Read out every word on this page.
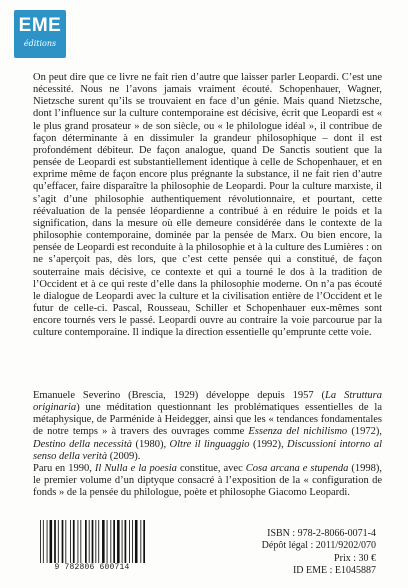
EME
éditions

On peut dire que ce livre ne fait rien d’autre que laisser parler Leopardi. C’est une nécessité. Nous ne l’avons jamais vraiment écouté. Schopenhauer, Wagner, Nietzsche surent qu’ils se trouvaient en face d’un génie. Mais quand Nietzsche, dont l’influence sur la culture contemporaine est décisive, écrit que Leopardi est « le plus grand prosateur » de son siècle, ou « le philologue idéal », il contribue de façon déterminante à en dissimuler la grandeur philosophique – dont il est profondément débiteur. De façon analogue, quand De Sanctis soutient que la pensée de Leopardi est substantiellement identique à celle de Schopenhauer, et en exprime même de façon encore plus prégnante la substance, il ne fait rien d’autre qu’effacer, faire disparaître la philosophie de Leopardi. Pour la culture marxiste, il s’agit d’une philosophie authentiquement révolutionnaire, et pourtant, cette réévaluation de la pensée léopardienne a contribué à en réduire le poids et la signification, dans la mesure où elle demeure considérée dans le contexte de la philosophie contemporaine, dominée par la pensée de Marx. Ou bien encore, la pensée de Leopardi est reconduite à la philosophie et à la culture des Lumières : on ne s’aperçoit pas, dès lors, que c’est cette pensée qui a constitué, de façon souterraine mais décisive, ce contexte et qui a tourné le dos à la tradition de l’Occident et à ce qui reste d’elle dans la philosophie moderne. On n’a pas écouté le dialogue de Leopardi avec la culture et la civilisation entière de l’Occident et le futur de celle-ci. Pascal, Rousseau, Schiller et Schopenhauer eux-mêmes sont encore tournés vers le passé. Leopardi ouvre au contraire la voie parcourue par la culture contemporaine. Il indique la direction essentielle qu’emprunte cette voie.

Emanuele Severino (Brescia, 1929) développe depuis 1957 (La Struttura originaria) une méditation questionnant les problématiques essentielles de la métaphysique, de Parménide à Heidegger, ainsi que les « tendances fondamentales de notre temps » à travers des ouvrages comme Essenza del nichilismo (1972), Destino della necessità (1980), Oltre il linguaggio (1992), Discussioni intorno al senso della verità (2009).

Paru en 1990, Il Nulla e la poesia constitue, avec Cosa arcana e stupenda (1998), le premier volume d’un diptyque consacré à l’exposition de la « configuration de fonds » de la pensée du philologue, poète et philosophe Giacomo Leopardi.

9 782806 600714
ISBN : 978-2-8066-0071-4
Dépôt légal : 2011/9202/070
Prix : 30 €
ID EME : E1045887
